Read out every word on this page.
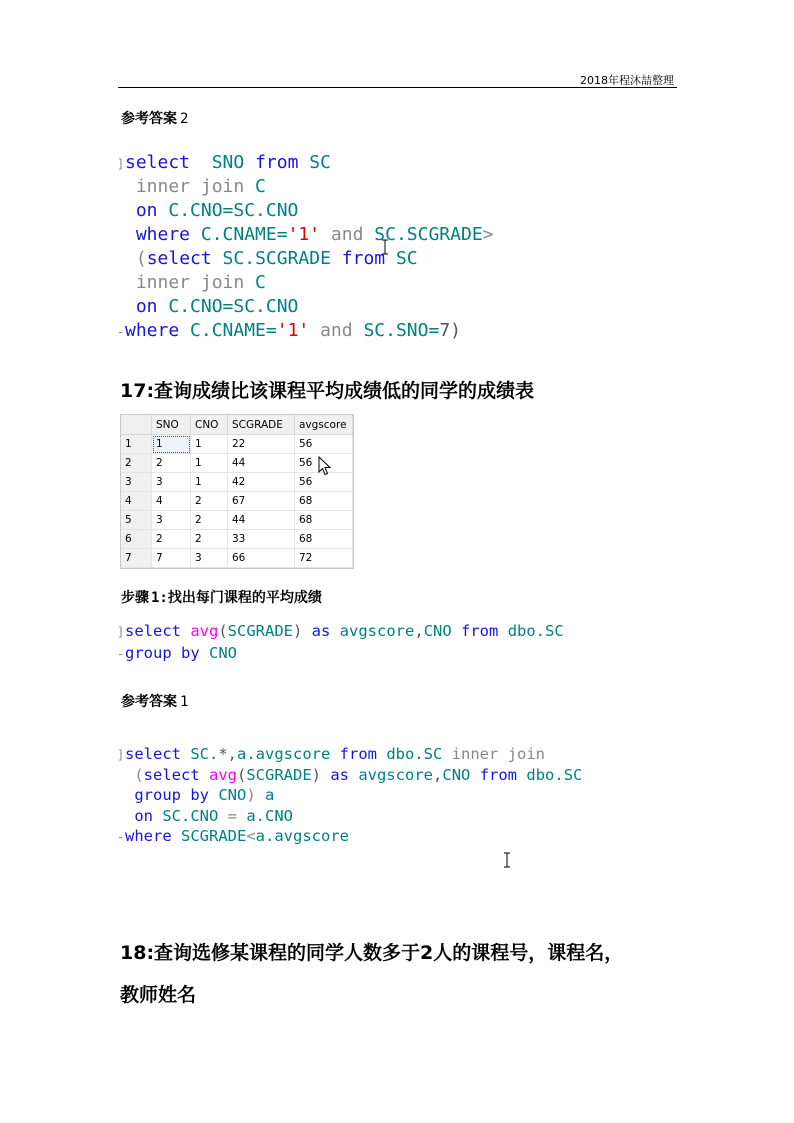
2018年程沐喆整理
参考答案 2
]select SNO from SC
inner join C
on C.CNO=SC.CNO
where C.CNAME='1' and SC.SCGRADE>
(select SC.SCGRADE from SC
inner join C
on C.CNO=SC.CNO
-where C.CNAME='1' and SC.SNO=7)
17:查询成绩比该课程平均成绩低的同学的成绩表
	SNO	CNO	SCGRADE	avgscore
1	1	1	22	56
2	2	1	44	56
3	3	1	42	56
4	4	2	67	68
5	3	2	44	68
6	2	2	33	68
7	7	3	66	72
步骤 1:找出每门课程的平均成绩
]select avg(SCGRADE) as avgscore,CNO from dbo.SC
-group by CNO
参考答案 1
]select SC.*,a.avgscore from dbo.SC inner join
(select avg(SCGRADE) as avgscore,CNO from dbo.SC
group by CNO) a
on SC.CNO = a.CNO
-where SCGRADE<a.avgscore
18:查询选修某课程的同学人数多于2人的课程号，课程名，
教师姓名
